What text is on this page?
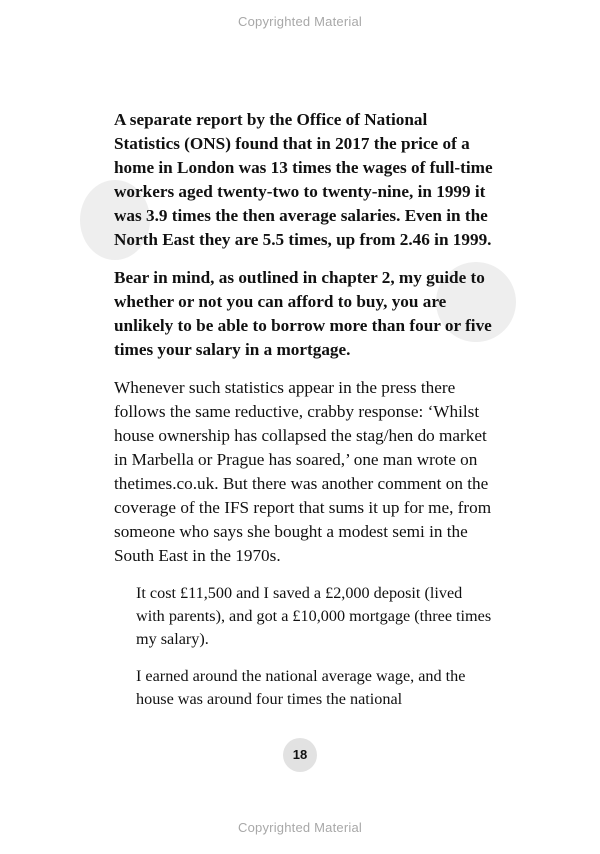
Copyrighted Material

A separate report by the Office of National Statistics (ONS) found that in 2017 the price of a home in London was 13 times the wages of full-time workers aged twenty-two to twenty-nine, in 1999 it was 3.9 times the then average salaries. Even in the North East they are 5.5 times, up from 2.46 in 1999.

Bear in mind, as outlined in chapter 2, my guide to whether or not you can afford to buy, you are unlikely to be able to borrow more than four or five times your salary in a mortgage.

Whenever such statistics appear in the press there follows the same reductive, crabby response: ‘Whilst house ownership has collapsed the stag/hen do market in Marbella or Prague has soared,’ one man wrote on thetimes.co.uk. But there was another comment on the coverage of the IFS report that sums it up for me, from someone who says she bought a modest semi in the South East in the 1970s.

It cost £11,500 and I saved a £2,000 deposit (lived with parents), and got a £10,000 mortgage (three times my salary).

I earned around the national average wage, and the house was around four times the national

18
Copyrighted Material
